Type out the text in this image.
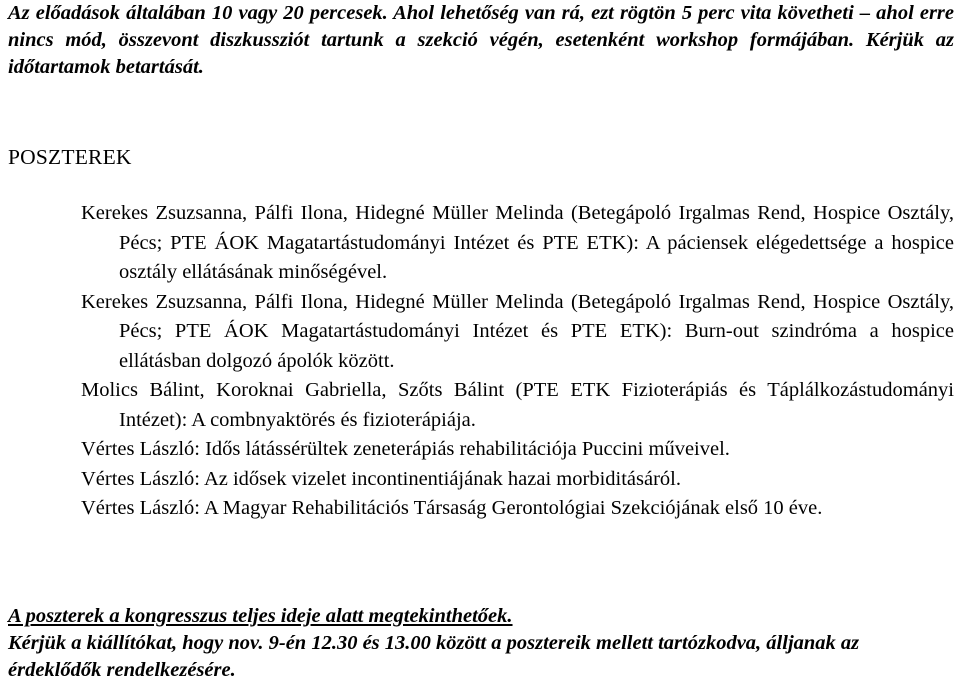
Az előadások általában 10 vagy 20 percesek. Ahol lehetőség van rá, ezt rögtön 5 perc vita követheti – ahol erre nincs mód, összevont diszkussziót tartunk a szekció végén, esetenként workshop formájában. Kérjük az időtartamok betartását.

POSZTEREK
Kerekes Zsuzsanna, Pálfi Ilona, Hidegné Müller Melinda (Betegápoló Irgalmas Rend, Hospice Osztály, Pécs; PTE ÁOK Magatartástudományi Intézet és PTE ETK): A páciensek elégedettsége a hospice osztály ellátásának minőségével.
Kerekes Zsuzsanna, Pálfi Ilona, Hidegné Müller Melinda (Betegápoló Irgalmas Rend, Hospice Osztály, Pécs; PTE ÁOK Magatartástudományi Intézet és PTE ETK): Burn-out szindróma a hospice ellátásban dolgozó ápolók között.
Molics Bálint, Koroknai Gabriella, Szőts Bálint (PTE ETK Fizioterápiás és Táplálkozástudományi Intézet): A combnyaktörés és fizioterápiája.
Vértes László: Idős látássérültek zeneterápiás rehabilitációja Puccini műveivel.
Vértes László: Az idősek vizelet incontinentiájának hazai morbiditásáról.
Vértes László: A Magyar Rehabilitációs Társaság Gerontológiai Szekciójának első 10 éve.

A poszterek a kongresszus teljes ideje alatt megtekinthetőek.

Kérjük a kiállítókat, hogy nov. 9-én 12.30 és 13.00 között a posztereik mellett tartózkodva, álljanak az érdeklődők rendelkezésére.
